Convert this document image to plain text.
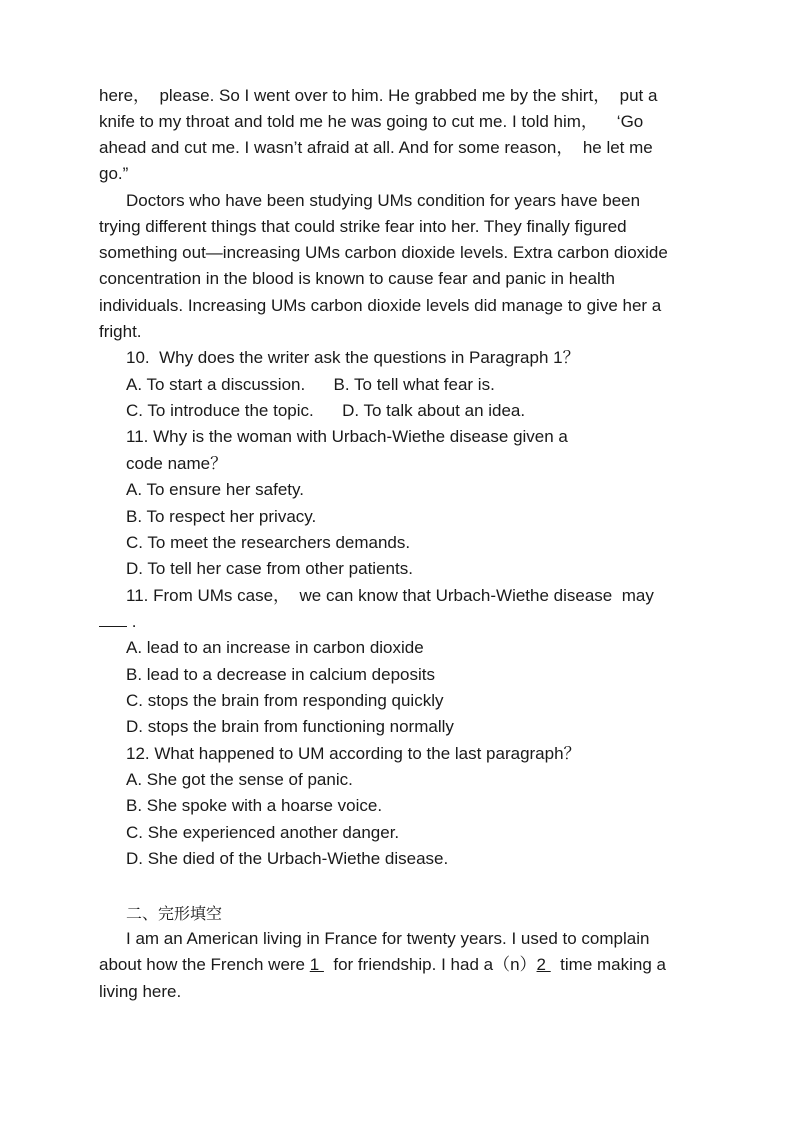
here，  please. So I went over to him. He grabbed me by the shirt，  put a
knife to my throat and told me he was going to cut me. I told him，    ‘Go
ahead and cut me. I wasn’t afraid at all. And for some reason，  he let me
go.”
Doctors who have been studying UMs condition for years have been
trying different things that could strike fear into her. They finally figured
something out—increasing UMs carbon dioxide levels. Extra carbon dioxide
concentration in the blood is known to cause fear and panic in health
individuals. Increasing UMs carbon dioxide levels did manage to give her a
fright.
10.  Why does the writer ask the questions in Paragraph 1？
A. To start a discussion.      B. To tell what fear is.
C. To introduce the topic.      D. To talk about an idea.
11. Why is the woman with Urbach-Wiethe disease given a
code name？
A. To ensure her safety.
B. To respect her privacy.
C. To meet the researchers demands.
D. To tell her case from other patients.
11. From UMs case，  we can know that Urbach-Wiethe disease  may
.
A. lead to an increase in carbon dioxide
B. lead to a decrease in calcium deposits
C. stops the brain from responding quickly
D. stops the brain from functioning normally
12. What happened to UM according to the last paragraph？
A. She got the sense of panic.
B. She spoke with a hoarse voice.
C. She experienced another danger.
D. She died of the Urbach-Wiethe disease.
二、完形填空
I am an American living in France for twenty years. I used to complain
about how the French were 1   for friendship. I had a（n）2   time making a
living here.
